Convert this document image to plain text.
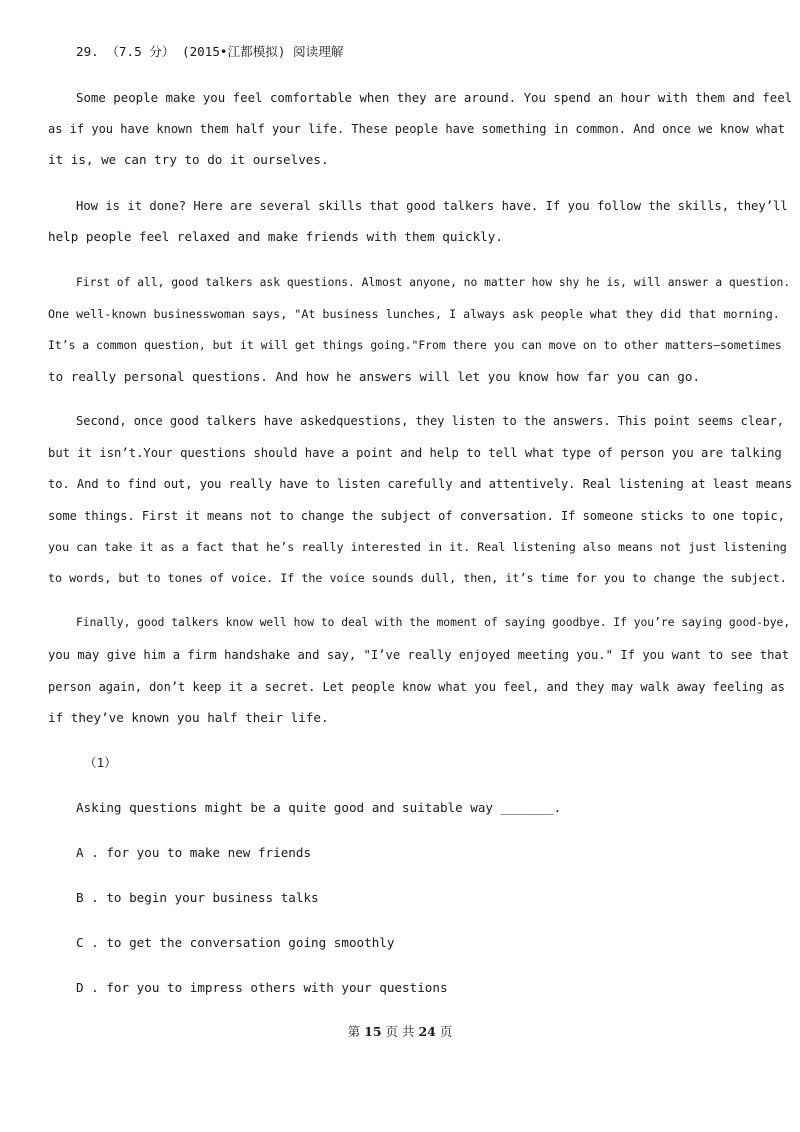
29. （7.5 分） (2015•江都模拟) 阅读理解
Some people make you feel comfortable when they are around. You spend an hour with them and feel
as if you have known them half your life. These people have something in common. And once we know what
it is, we can try to do it ourselves.
How is it done? Here are several skills that good talkers have. If you follow the skills, they’ll
help people feel relaxed and make friends with them quickly.
First of all, good talkers ask questions. Almost anyone, no matter how shy he is, will answer a question.
One well-known businesswoman says, "At business lunches, I always ask people what they did that morning.
It’s a common question, but it will get things going."From there you can move on to other matters—sometimes
to really personal questions. And how he answers will let you know how far you can go.
Second, once good talkers have askedquestions, they listen to the answers. This point seems clear,
but it isn’t.Your questions should have a point and help to tell what type of person you are talking
to. And to find out, you really have to listen carefully and attentively. Real listening at least means
some things. First it means not to change the subject of conversation. If someone sticks to one topic,
you can take it as a fact that he’s really interested in it. Real listening also means not just listening
to words, but to tones of voice. If the voice sounds dull, then, it’s time for you to change the subject.
Finally, good talkers know well how to deal with the moment of saying goodbye. If you’re saying good-bye,
you may give him a firm handshake and say, "I’ve really enjoyed meeting you." If you want to see that
person again, don’t keep it a secret. Let people know what you feel, and they may walk away feeling as
if they’ve known you half their life.
（1）
Asking questions might be a quite good and suitable way _______.
A . for you to make new friends
B . to begin your business talks
C . to get the conversation going smoothly
D . for you to impress others with your questions
第 15 页 共 24 页
